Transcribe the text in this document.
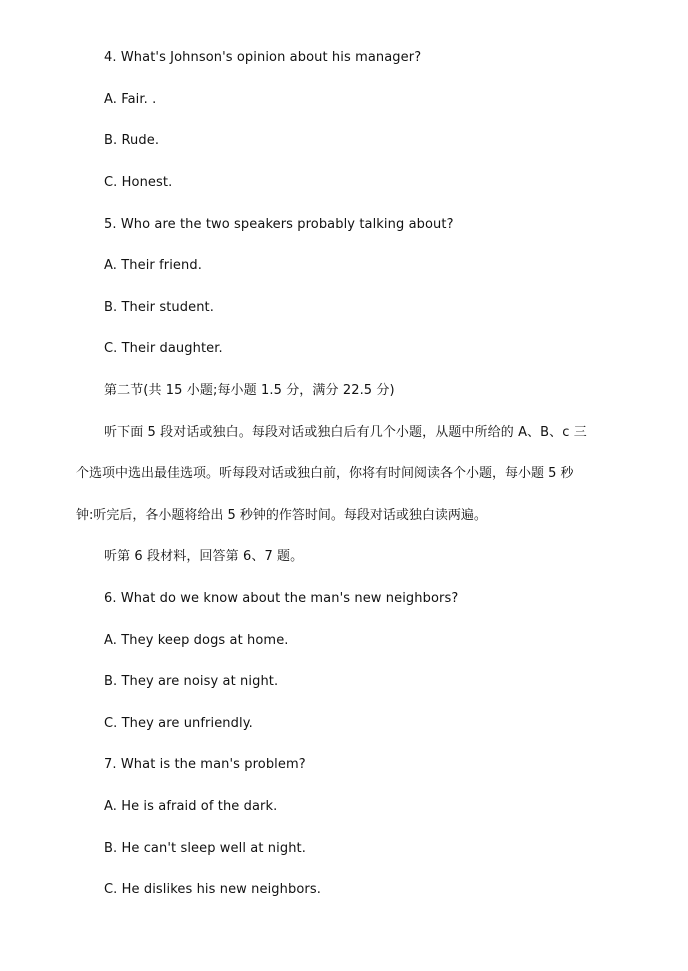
4. What's Johnson's opinion about his manager?
A. Fair. .
B. Rude.
C. Honest.
5. Who are the two speakers probably talking about?
A. Their friend.
B. Their student.
C. Their daughter.
第二节(共 15 小题;每小题 1.5 分，满分 22.5 分)
听下面 5 段对话或独白。每段对话或独白后有几个小题，从题中所给的 A、B、c 三
个选项中选出最佳选项。听每段对话或独白前，你将有时间阅读各个小题，每小题 5 秒
钟:听完后，各小题将给出 5 秒钟的作答时间。每段对话或独白读两遍。
听第 6 段材料，回答第 6、7 题。
6. What do we know about the man's new neighbors?
A. They keep dogs at home.
B. They are noisy at night.
C. They are unfriendly.
7. What is the man's problem?
A. He is afraid of the dark.
B. He can't sleep well at night.
C. He dislikes his new neighbors.
